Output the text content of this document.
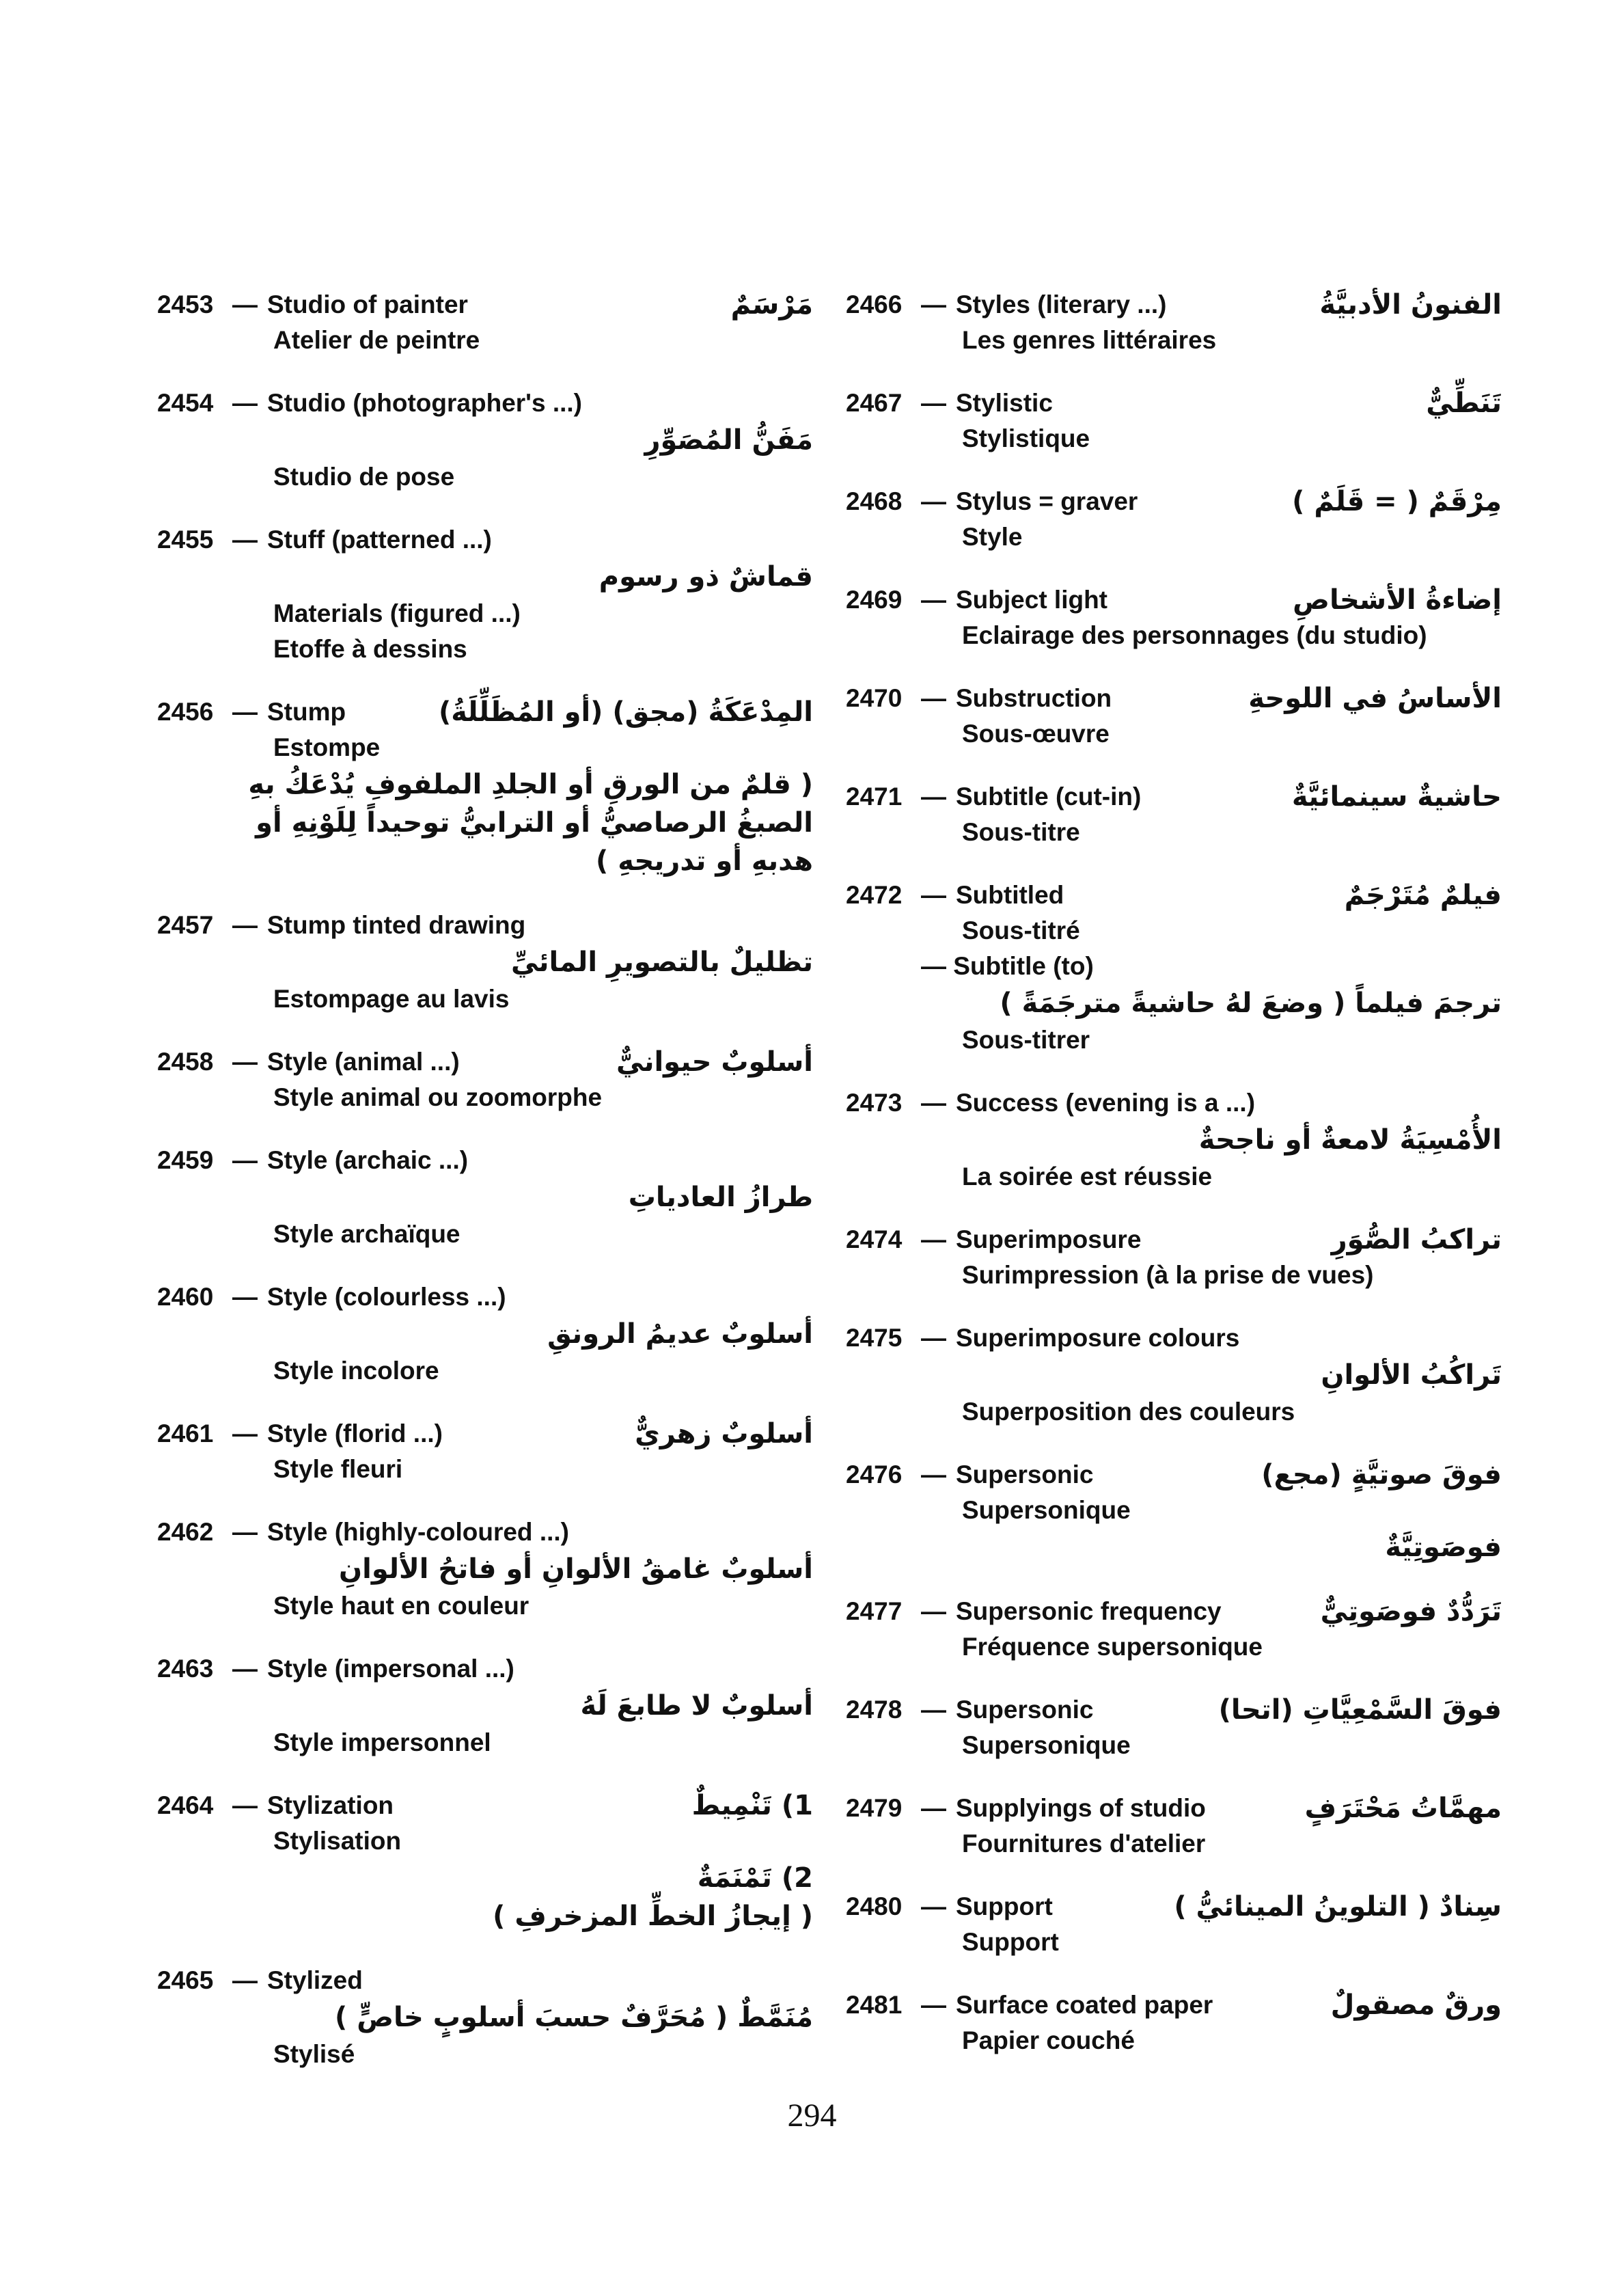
2453 — Studio of painter	مَرْسَمٌ
Atelier de peintre
2454 — Studio (photographer's ...)
مَفَنُّ المُصَوِّرِ
Studio de pose
2455 — Stuff (patterned ...)
قماشٌ ذو رسوم
Materials (figured ...)
Etoffe à dessins
2456 — Stump	المِدْعَكَةُ (مجق) (أو المُظَلِّلَةُ)
Estompe
( قلمٌ من الورقِ أو الجلدِ الملفوفِ يُدْعَكُ بهِ
الصبغُ الرصاصيُّ أو الترابيُّ توحيداً لِلَوْنِهِ أو
هدبهِ أو تدريجهِ )
2457 — Stump tinted drawing
تظليلٌ بالتصويرِ المائيِّ
Estompage au lavis
2458 — Style (animal ...)	أسلوبٌ حيوانيٌّ
Style animal ou zoomorphe
2459 — Style (archaic ...)
طرازُ العادياتِ
Style archaïque
2460 — Style (colourless ...)
أسلوبٌ عديمُ الرونقِ
Style incolore
2461 — Style (florid ...)	أسلوبٌ زهريٌّ
Style fleuri
2462 — Style (highly-coloured ...)
أسلوبٌ غامقُ الألوانِ أو فاتحُ الألوانِ
Style haut en couleur
2463 — Style (impersonal ...)
أسلوبٌ لا طابعَ لَهُ
Style impersonnel
2464 — Stylization	1) تَنْمِيطٌ
Stylisation
2) تَمْنَمَةٌ
( إيجازُ الخطِّ المزخرفِ )
2465 — Stylized
مُنَمَّطٌ ( مُحَرَّفٌ حسبَ أسلوبٍ خاصٍّ )
Stylisé
2466 — Styles (literary ...)	الفنونُ الأدبيَّةُ
Les genres littéraires
2467 — Stylistic	تَنَطِّيٌّ
Stylistique
2468 — Stylus = graver	مِرْقَمٌ ( = قَلَمٌ )
Style
2469 — Subject light	إضاءةُ الأشخاصِ
Eclairage des personnages (du studio)
2470 — Substruction	الأساسُ في اللوحةِ
Sous-œuvre
2471 — Subtitle (cut-in)	حاشيةٌ سينمائيَّةٌ
Sous-titre
2472 — Subtitled	فيلمٌ مُتَرْجَمٌ
Sous-titré
— Subtitle (to)
ترجمَ فيلماً ( وضعَ لهُ حاشيةً مترجَمَةً )
Sous-titrer
2473 — Success (evening is a ...)
الأُمْسِيَةُ لامعةٌ أو ناجحةٌ
La soirée est réussie
2474 — Superimposure	تراكبُ الصُّوَرِ
Surimpression (à la prise de vues)
2475 — Superimposure colours
تَراكُبُ الألوانِ
Superposition des couleurs
2476 — Supersonic	فوقَ صوتيَّةٍ (مجع)
Supersonique
فوصَوتِيَّةٌ
2477 — Supersonic frequency	تَرَدُّدٌ فوصَوتِيٌّ
Fréquence supersonique
2478 — Supersonic	فوقَ السَّمْعِيَّاتِ (اتحا)
Supersonique
2479 — Supplyings of studio	مهمَّاتُ مَحْتَرَفٍ
Fournitures d'atelier
2480 — Support	سِنادٌ ( التلوينُ المينائيُّ )
Support
2481 — Surface coated paper	ورقٌ مصقولٌ
Papier couché
294
